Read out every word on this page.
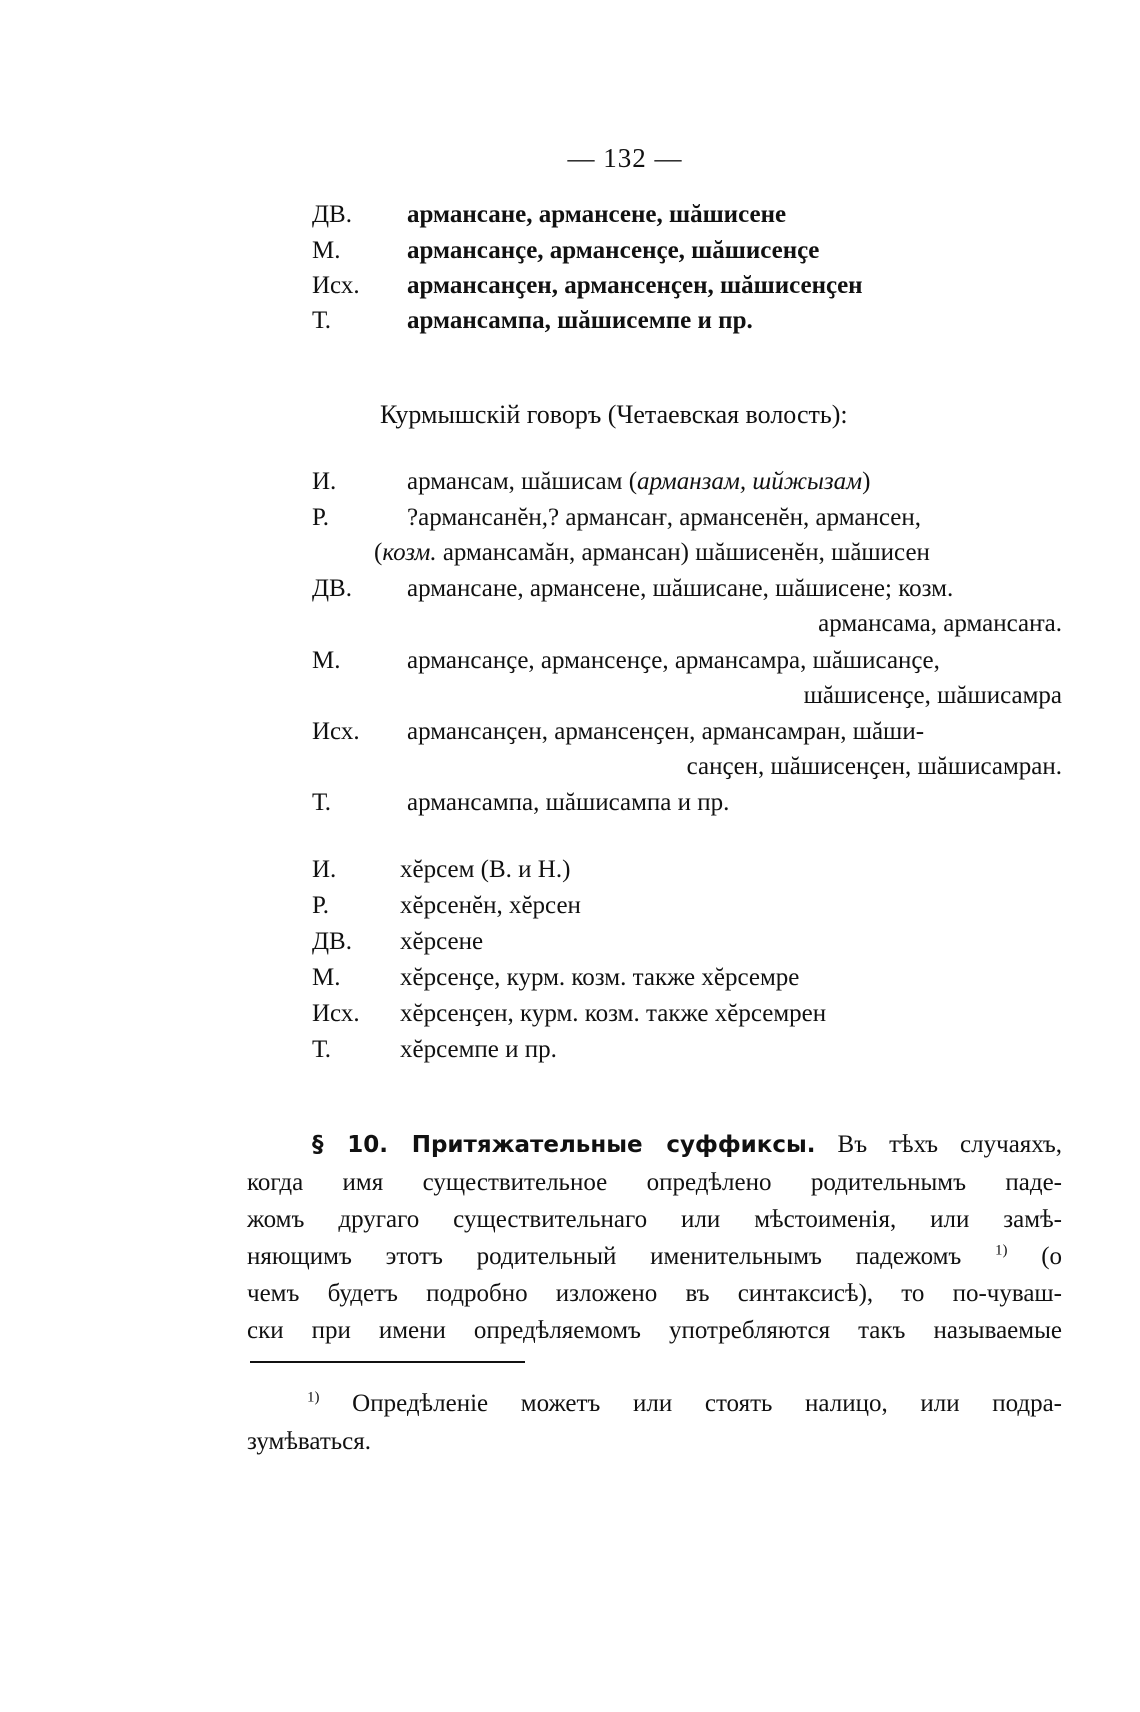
— 132 —
ДВ. армансане, армансене, шăшисене
М.	армансанҫе, армансенҫе, шăшисенҫе
Исх. армансанҫен, армансенҫен, шăшисенҫен
Т.	армансампа, шăшисемпе и пр.
Курмышскій говоръ (Четаевская волость):
И.	армансам, шăшисам (арманзам, шйжызам)
Р.	?армансанĕн,? армансаҥ, армансенĕн, армансен,
(козм. армансамăн, армансан) шăшисенĕн, шăшисен
ДВ. армансане, армансене, шăшисане, шăшисене; козм.
армансама, армансаҥа.
М.	армансанҫе, армансенҫе, армансамра, шăшисанҫе,
шăшисенҫе, шăшисамра
Исх. армансанҫен, армансенҫен, армансамран, шăши-
санҫен, шăшисенҫен, шăшисамран.
Т.	армансампа, шăшисампа и пр.
И.	хĕрсем (В. и Н.)
Р.	хĕрсенĕн, хĕрсен
ДВ. хĕрсене
М. хĕрсенҫе, курм. козм. также хĕрсемре
Исх. хĕрсенҫен, курм. козм. также хĕрсемрен
Т.	хĕрсемпе и пр.
§ 10. Притяжательные суффиксы. Въ тѣхъ случаяхъ,
когда имя существительное опредѣлено родительнымъ паде-
жомъ другаго существительнаго или мѣстоименія, или замѣ-
няющимъ этотъ родительный именительнымъ падежомъ $^{1)}$ (о
чемъ будетъ подробно изложено въ синтаксисѣ), то по-чуваш-
ски при имени опредѣляемомъ употребляются такъ называемые
$^{1)}$ Опредѣленіе можетъ или стоять налицо, или подра-
зумѣваться.
